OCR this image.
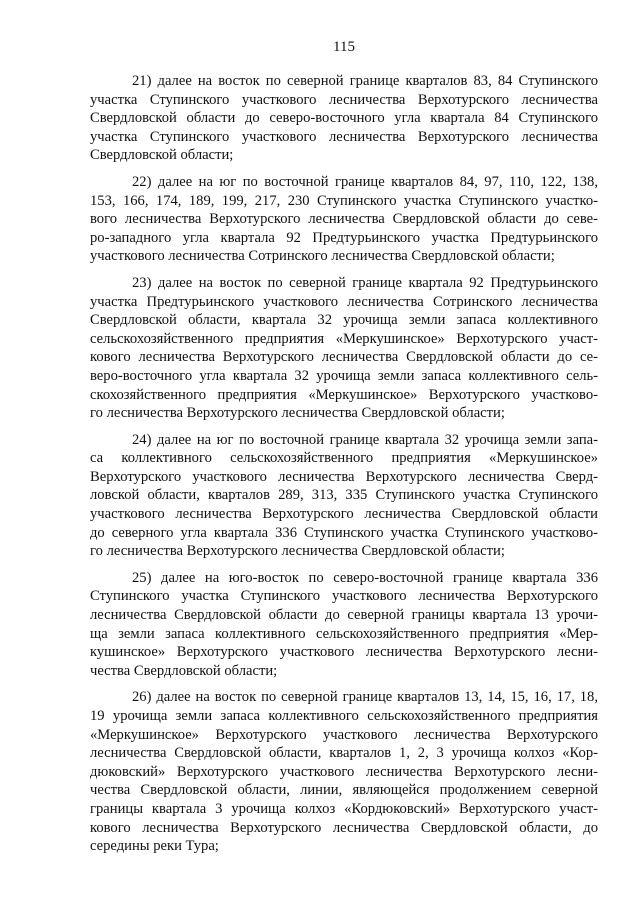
115
21) далее на восток по северной границе кварталов 83, 84 Ступинского
участка Ступинского участкового лесничества Верхотурского лесничества
Свердловской области до северо-восточного угла квартала 84 Ступинского
участка Ступинского участкового лесничества Верхотурского лесничества
Свердловской области;
22) далее на юг по восточной границе кварталов 84, 97, 110, 122, 138,
153, 166, 174, 189, 199, 217, 230 Ступинского участка Ступинского участко-
вого лесничества Верхотурского лесничества Свердловской области до севе-
ро-западного угла квартала 92 Предтурьинского участка Предтурьинского
участкового лесничества Сотринского лесничества Свердловской области;
23) далее на восток по северной границе квартала 92 Предтурьинского
участка Предтурьинского участкового лесничества Сотринского лесничества
Свердловской области, квартала 32 урочища земли запаса коллективного
сельскохозяйственного предприятия «Меркушинское» Верхотурского участ-
кового лесничества Верхотурского лесничества Свердловской области до се-
веро-восточного угла квартала 32 урочища земли запаса коллективного сель-
скохозяйственного предприятия «Меркушинское» Верхотурского участково-
го лесничества Верхотурского лесничества Свердловской области;
24) далее на юг по восточной границе квартала 32 урочища земли запа-
са коллективного сельскохозяйственного предприятия «Меркушинское»
Верхотурского участкового лесничества Верхотурского лесничества Сверд-
ловской области, кварталов 289, 313, 335 Ступинского участка Ступинского
участкового лесничества Верхотурского лесничества Свердловской области
до северного угла квартала 336 Ступинского участка Ступинского участково-
го лесничества Верхотурского лесничества Свердловской области;
25) далее на юго-восток по северо-восточной границе квартала 336
Ступинского участка Ступинского участкового лесничества Верхотурского
лесничества Свердловской области до северной границы квартала 13 урочи-
ща земли запаса коллективного сельскохозяйственного предприятия «Мер-
кушинское» Верхотурского участкового лесничества Верхотурского лесни-
чества Свердловской области;
26) далее на восток по северной границе кварталов 13, 14, 15, 16, 17, 18,
19 урочища земли запаса коллективного сельскохозяйственного предприятия
«Меркушинское» Верхотурского участкового лесничества Верхотурского
лесничества Свердловской области, кварталов 1, 2, 3 урочища колхоз «Кор-
дюковский» Верхотурского участкового лесничества Верхотурского лесни-
чества Свердловской области, линии, являющейся продолжением северной
границы квартала 3 урочища колхоз «Кордюковский» Верхотурского участ-
кового лесничества Верхотурского лесничества Свердловской области, до
середины реки Тура;
